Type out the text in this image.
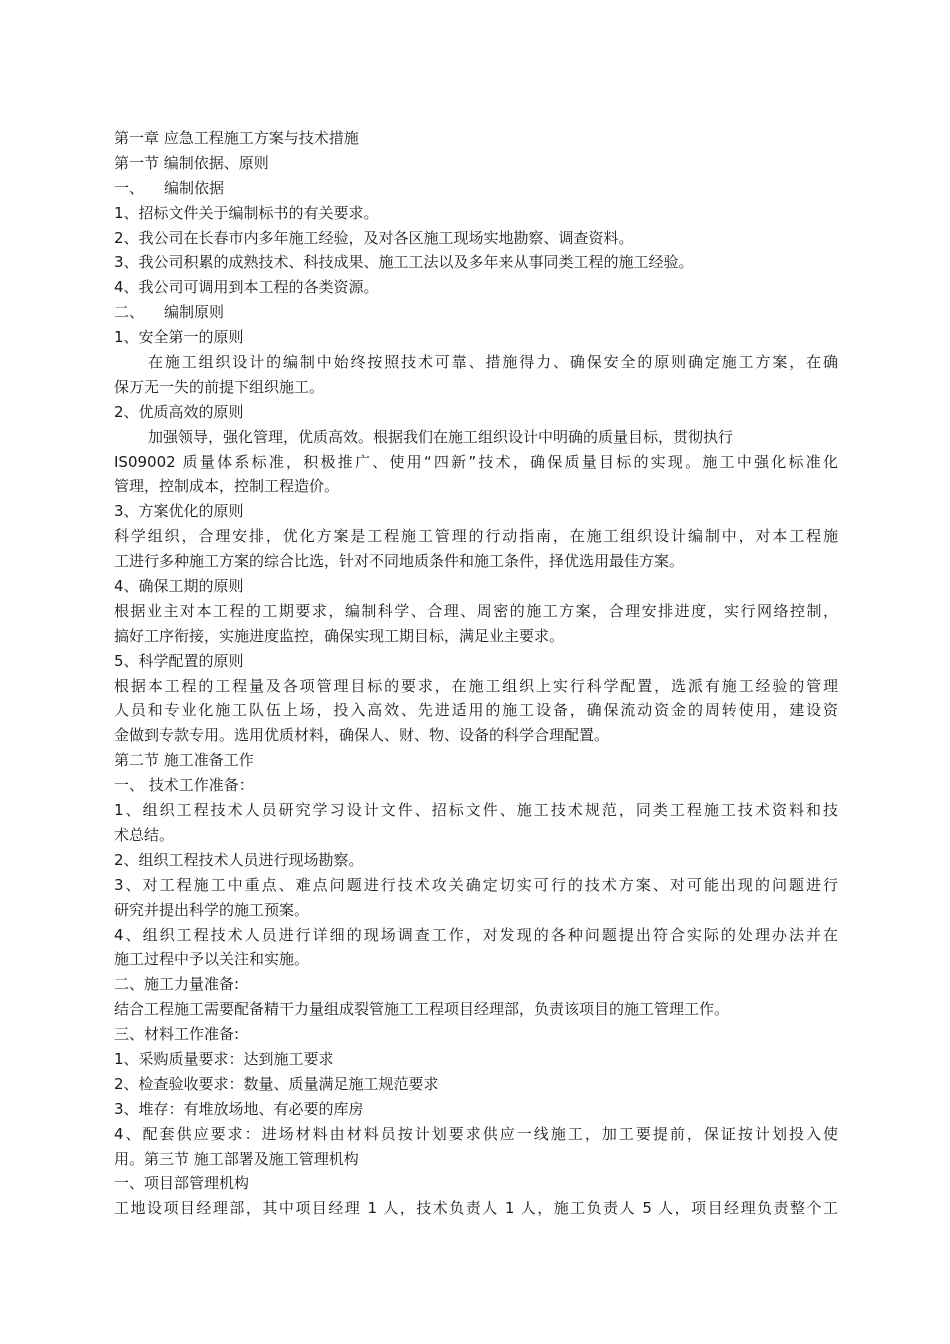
第一章 应急工程施工方案与技术措施
第一节 编制依据、原则
一、 编制依据
1、招标文件关于编制标书的有关要求。
2、我公司在长春市内多年施工经验，及对各区施工现场实地勘察、调查资料。
3、我公司积累的成熟技术、科技成果、施工工法以及多年来从事同类工程的施工经验。
4、我公司可调用到本工程的各类资源。
二、 编制原则
1、安全第一的原则
在施工组织设计的编制中始终按照技术可靠、措施得力、确保安全的原则确定施工方案，在确
保万无一失的前提下组织施工。
2、优质高效的原则
加强领导，强化管理，优质高效。根据我们在施工组织设计中明确的质量目标，贯彻执行
IS09002 质量体系标准，积极推广、使用“四新”技术，确保质量目标的实现。施工中强化标准化
管理，控制成本，控制工程造价。
3、方案优化的原则
科学组织，合理安排，优化方案是工程施工管理的行动指南，在施工组织设计编制中，对本工程施
工进行多种施工方案的综合比选，针对不同地质条件和施工条件，择优选用最佳方案。
4、确保工期的原则
根据业主对本工程的工期要求，编制科学、合理、周密的施工方案，合理安排进度，实行网络控制，
搞好工序衔接，实施进度监控，确保实现工期目标，满足业主要求。
5、科学配置的原则
根据本工程的工程量及各项管理目标的要求，在施工组织上实行科学配置，选派有施工经验的管理
人员和专业化施工队伍上场，投入高效、先进适用的施工设备，确保流动资金的周转使用，建设资
金做到专款专用。选用优质材料，确保人、财、物、设备的科学合理配置。
第二节 施工准备工作
一、 技术工作准备：
1、组织工程技术人员研究学习设计文件、招标文件、施工技术规范，同类工程施工技术资料和技
术总结。
2、组织工程技术人员进行现场勘察。
3、对工程施工中重点、难点问题进行技术攻关确定切实可行的技术方案、对可能出现的问题进行
研究并提出科学的施工预案。
4、组织工程技术人员进行详细的现场调查工作，对发现的各种问题提出符合实际的处理办法并在
施工过程中予以关注和实施。
二、施工力量准备:
结合工程施工需要配备精干力量组成裂管施工工程项目经理部，负责该项目的施工管理工作。
三、材料工作准备:
1、采购质量要求：达到施工要求
2、检查验收要求：数量、质量满足施工规范要求
3、堆存：有堆放场地、有必要的库房
4、配套供应要求：进场材料由材料员按计划要求供应一线施工，加工要提前，保证按计划投入使
用。第三节 施工部署及施工管理机构
一、项目部管理机构
工地设项目经理部，其中项目经理 1 人，技术负责人 1 人，施工负责人 5 人，项目经理负责整个工
